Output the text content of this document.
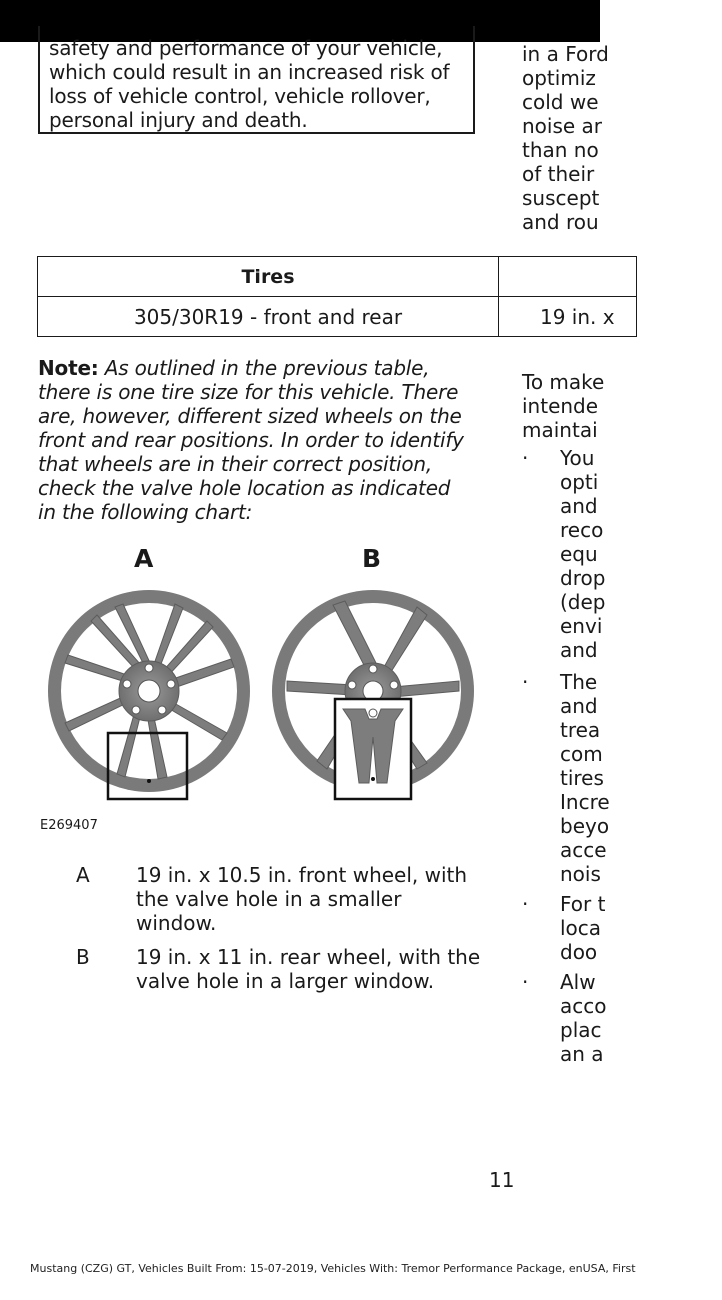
safety and performance of your vehicle,
which could result in an increased risk of
loss of vehicle control, vehicle rollover,
personal injury and death.
in a Ford
optimiz
cold we
noise ar
than no
of their
suscept
and rou
Tires	
305/30R19 - front and rear	19 in. x
Note: As outlined in the previous table,
there is one tire size for this vehicle. There
are, however, different sized wheels on the
front and rear positions. In order to identify
that wheels are in their correct position,
check the valve hole location as indicated
in the following chart:
To make
intende
maintai
A	B
E269407
A 19 in. x 10.5 in. front wheel, with
the valve hole in a smaller
window.
B 19 in. x 11 in. rear wheel, with the
valve hole in a larger window.
· You
opti
and
reco
equ
drop
(dep
envi
and
· The
and
trea
com
tires
Incre
beyo
acce
nois
· For t
loca
doo
· Alw
acco
plac
an a
11
Mustang (CZG) GT, Vehicles Built From: 15-07-2019, Vehicles With: Tremor Performance Package, enUSA, First
